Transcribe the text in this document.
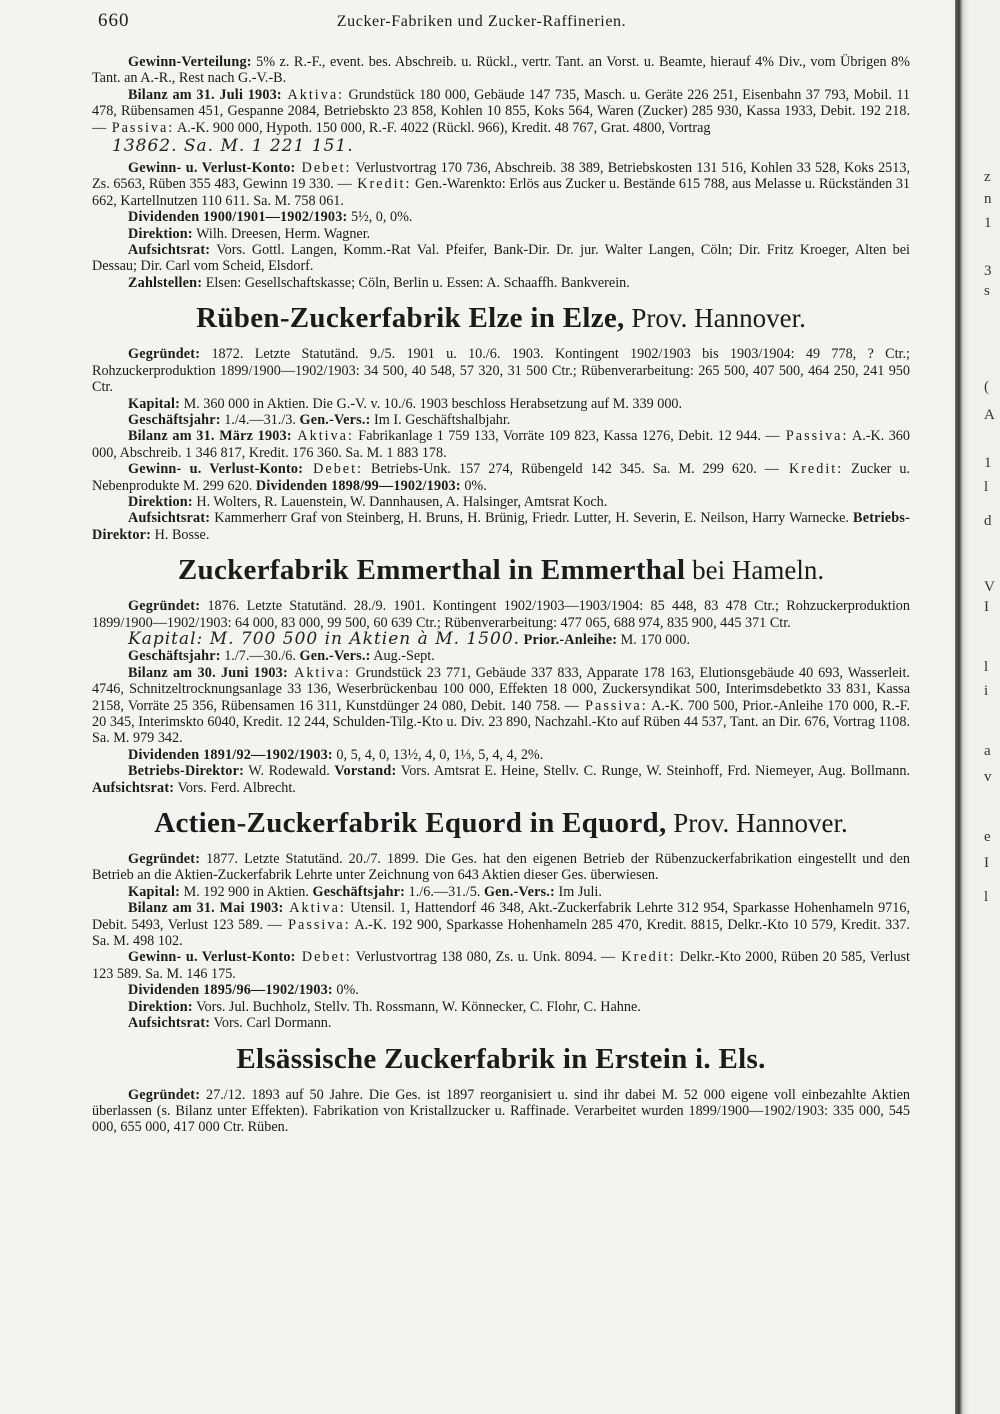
660	Zucker-Fabriken und Zucker-Raffinerien.

Gewinn-Verteilung: 5% z. R.-F., event. bes. Abschreib. u. Rückl., vertr. Tant. an Vorst. u. Beamte, hierauf 4% Div., vom Übrigen 8% Tant. an A.-R., Rest nach G.-V.-B.

Bilanz am 31. Juli 1903: Aktiva: Grundstück 180 000, Gebäude 147 735, Masch. u. Geräte 226 251, Eisenbahn 37 793, Mobil. 11 478, Rübensamen 451, Gespanne 2084, Betriebskto 23 858, Kohlen 10 855, Koks 564, Waren (Zucker) 285 930, Kassa 1933, Debit. 192 218. — Passiva: A.-K. 900 000, Hypoth. 150 000, R.-F. 4022 (Rückl. 966), Kredit. 48 767, Grat. 4800, Vortrag

13862. Sa. M. 1 221 151.

Gewinn- u. Verlust-Konto: Debet: Verlustvortrag 170 736, Abschreib. 38 389, Betriebskosten 131 516, Kohlen 33 528, Koks 2513, Zs. 6563, Rüben 355 483, Gewinn 19 330. — Kredit: Gen.-Warenkto: Erlös aus Zucker u. Bestände 615 788, aus Melasse u. Rückständen 31 662, Kartellnutzen 110 611. Sa. M. 758 061.

Dividenden 1900/1901—1902/1903: 5½, 0, 0%.

Direktion: Wilh. Dreesen, Herm. Wagner.

Aufsichtsrat: Vors. Gottl. Langen, Komm.-Rat Val. Pfeifer, Bank-Dir. Dr. jur. Walter Langen, Cöln; Dir. Fritz Kroeger, Alten bei Dessau; Dir. Carl vom Scheid, Elsdorf.

Zahlstellen: Elsen: Gesellschaftskasse; Cöln, Berlin u. Essen: A. Schaaffh. Bankverein.

Rüben-Zuckerfabrik Elze in Elze, Prov. Hannover.

Gegründet: 1872. Letzte Statutänd. 9./5. 1901 u. 10./6. 1903. Kontingent 1902/1903 bis 1903/1904: 49 778, ? Ctr.; Rohzuckerproduktion 1899/1900—1902/1903: 34 500, 40 548, 57 320, 31 500 Ctr.; Rübenverarbeitung: 265 500, 407 500, 464 250, 241 950 Ctr.

Kapital: M. 360 000 in Aktien. Die G.-V. v. 10./6. 1903 beschloss Herabsetzung auf M. 339 000.

Geschäftsjahr: 1./4.—31./3. Gen.-Vers.: Im I. Geschäftshalbjahr.

Bilanz am 31. März 1903: Aktiva: Fabrikanlage 1 759 133, Vorräte 109 823, Kassa 1276, Debit. 12 944. — Passiva: A.-K. 360 000, Abschreib. 1 346 817, Kredit. 176 360. Sa. M. 1 883 178.

Gewinn- u. Verlust-Konto: Debet: Betriebs-Unk. 157 274, Rübengeld 142 345. Sa. M. 299 620. — Kredit: Zucker u. Nebenprodukte M. 299 620. Dividenden 1898/99—1902/1903: 0%.

Direktion: H. Wolters, R. Lauenstein, W. Dannhausen, A. Halsinger, Amtsrat Koch.

Aufsichtsrat: Kammerherr Graf von Steinberg, H. Bruns, H. Brünig, Friedr. Lutter, H. Severin, E. Neilson, Harry Warnecke. Betriebs-Direktor: H. Bosse.

Zuckerfabrik Emmerthal in Emmerthal bei Hameln.

Gegründet: 1876. Letzte Statutänd. 28./9. 1901. Kontingent 1902/1903—1903/1904: 85 448, 83 478 Ctr.; Rohzuckerproduktion 1899/1900—1902/1903: 64 000, 83 000, 99 500, 60 639 Ctr.; Rübenverarbeitung: 477 065, 688 974, 835 900, 445 371 Ctr.

Kapital: M. 700 500 in Aktien à M. 1500. Prior.-Anleihe: M. 170 000.

Geschäftsjahr: 1./7.—30./6. Gen.-Vers.: Aug.-Sept.

Bilanz am 30. Juni 1903: Aktiva: Grundstück 23 771, Gebäude 337 833, Apparate 178 163, Elutionsgebäude 40 693, Wasserleit. 4746, Schnitzeltrocknungsanlage 33 136, Weserbrückenbau 100 000, Effekten 18 000, Zuckersyndikat 500, Interimsdebetkto 33 831, Kassa 2158, Vorräte 25 356, Rübensamen 16 311, Kunstdünger 24 080, Debit. 140 758. — Passiva: A.-K. 700 500, Prior.-Anleihe 170 000, R.-F. 20 345, Interimskto 6040, Kredit. 12 244, Schulden-Tilg.-Kto u. Div. 23 890, Nachzahl.-Kto auf Rüben 44 537, Tant. an Dir. 676, Vortrag 1108. Sa. M. 979 342.

Dividenden 1891/92—1902/1903: 0, 5, 4, 0, 13½, 4, 0, 1⅓, 5, 4, 4, 2%.

Betriebs-Direktor: W. Rodewald. Vorstand: Vors. Amtsrat E. Heine, Stellv. C. Runge, W. Steinhoff, Frd. Niemeyer, Aug. Bollmann. Aufsichtsrat: Vors. Ferd. Albrecht.

Actien-Zuckerfabrik Equord in Equord, Prov. Hannover.

Gegründet: 1877. Letzte Statutänd. 20./7. 1899. Die Ges. hat den eigenen Betrieb der Rübenzuckerfabrikation eingestellt und den Betrieb an die Aktien-Zuckerfabrik Lehrte unter Zeichnung von 643 Aktien dieser Ges. überwiesen.

Kapital: M. 192 900 in Aktien. Geschäftsjahr: 1./6.—31./5. Gen.-Vers.: Im Juli.

Bilanz am 31. Mai 1903: Aktiva: Utensil. 1, Hattendorf 46 348, Akt.-Zuckerfabrik Lehrte 312 954, Sparkasse Hohenhameln 9716, Debit. 5493, Verlust 123 589. — Passiva: A.-K. 192 900, Sparkasse Hohenhameln 285 470, Kredit. 8815, Delkr.-Kto 10 579, Kredit. 337. Sa. M. 498 102.

Gewinn- u. Verlust-Konto: Debet: Verlustvortrag 138 080, Zs. u. Unk. 8094. — Kredit: Delkr.-Kto 2000, Rüben 20 585, Verlust 123 589. Sa. M. 146 175.

Dividenden 1895/96—1902/1903: 0%.

Direktion: Vors. Jul. Buchholz, Stellv. Th. Rossmann, W. Könnecker, C. Flohr, C. Hahne.

Aufsichtsrat: Vors. Carl Dormann.

Elsässische Zuckerfabrik in Erstein i. Els.

Gegründet: 27./12. 1893 auf 50 Jahre. Die Ges. ist 1897 reorganisiert u. sind ihr dabei M. 52 000 eigene voll einbezahlte Aktien überlassen (s. Bilanz unter Effekten). Fabrikation von Kristallzucker u. Raffinade. Verarbeitet wurden 1899/1900—1902/1903: 335 000, 545 000, 655 000, 417 000 Ctr. Rüben.

z
n
1
3
s
(
A
1
l
d
V
I
l
i
a
v
e
I
l
